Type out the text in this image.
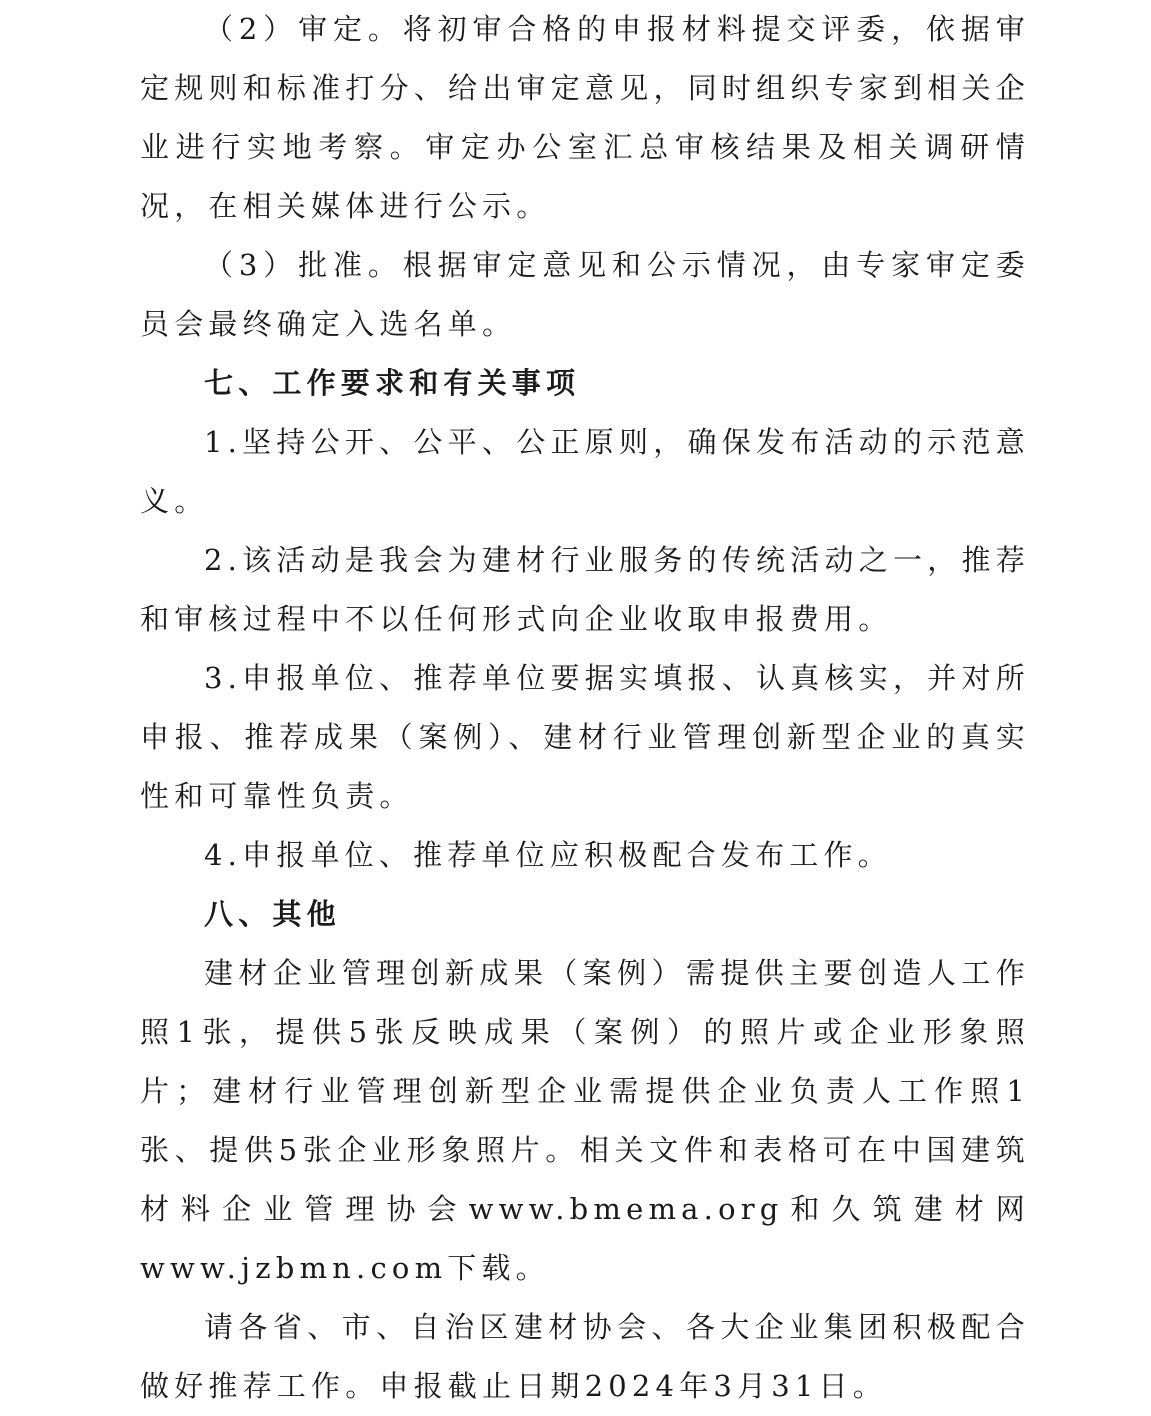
（2）审定。将初审合格的申报材料提交评委，依据审定规则和标准打分、给出审定意见，同时组织专家到相关企业进行实地考察。审定办公室汇总审核结果及相关调研情况，在相关媒体进行公示。

（3）批准。根据审定意见和公示情况，由专家审定委员会最终确定入选名单。

七、工作要求和有关事项

1.坚持公开、公平、公正原则，确保发布活动的示范意义。

2.该活动是我会为建材行业服务的传统活动之一，推荐和审核过程中不以任何形式向企业收取申报费用。

3.申报单位、推荐单位要据实填报、认真核实，并对所申报、推荐成果（案例）、建材行业管理创新型企业的真实性和可靠性负责。

4.申报单位、推荐单位应积极配合发布工作。

八、其他

建材企业管理创新成果（案例）需提供主要创造人工作照1张，提供5张反映成果（案例）的照片或企业形象照片；建材行业管理创新型企业需提供企业负责人工作照1张、提供5张企业形象照片。相关文件和表格可在中国建筑材料企业管理协会www.bmema.org和久筑建材网www.jzbmn.com下载。

请各省、市、自治区建材协会、各大企业集团积极配合做好推荐工作。申报截止日期2024年3月31日。
